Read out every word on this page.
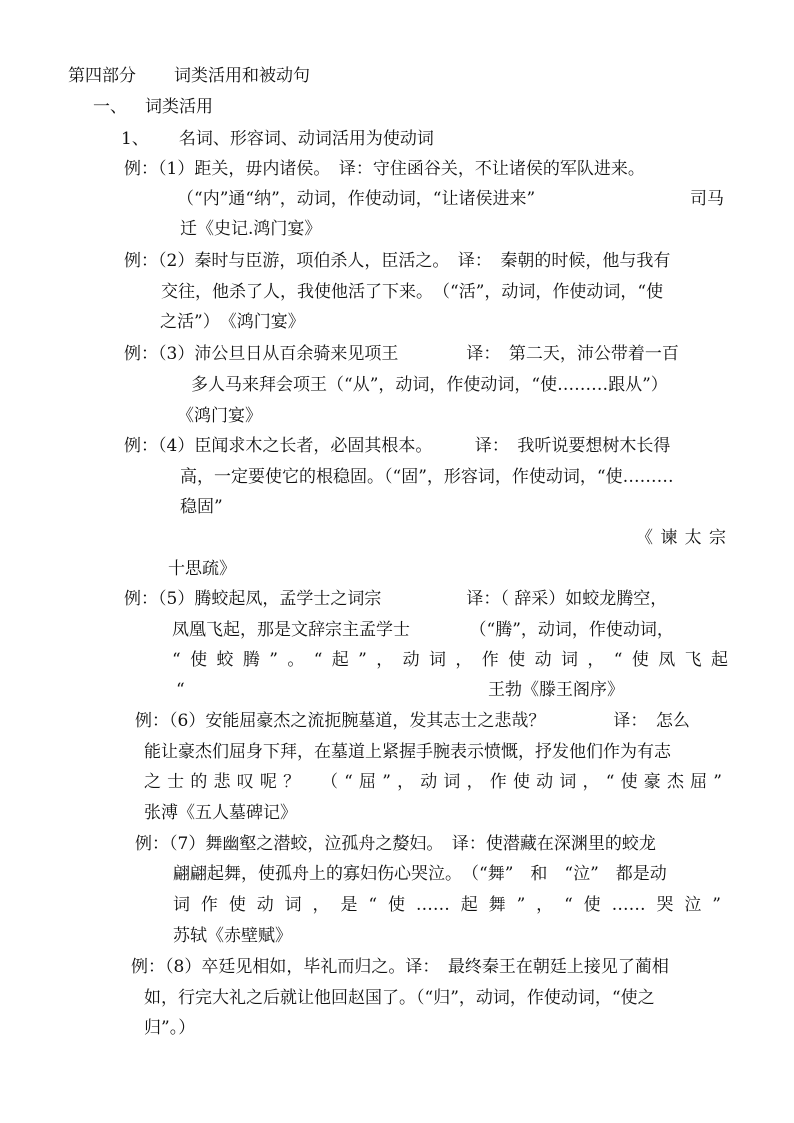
第四部分 词类活用和被动句
一、 词类活用
1、 名词、形容词、动词活用为使动词
例：（1）距关，毋内诸侯。　译：守住函谷关，不让诸侯的军队进来。
（“内”通“纳”，动词，作使动词，“让诸侯进来”	司马
迁《史记.鸿门宴》
例：（2）秦时与臣游，项伯杀人，臣活之。　译：　秦朝的时候，他与我有
交往，他杀了人，我使他活了下来。　（“活”，动词，作使动词，“使
之活”）　《鸿门宴》
例：（3）沛公旦日从百余骑来见项王　　　　译：　第二天，沛公带着一百
多人马来拜会项王（“从”，动词，作使动词，“使………跟从”）
《鸿门宴》
例：（4）臣闻求木之长者，必固其根本。　　　译：　我听说要想树木长得
高，一定要使它的根稳固。（“固”，形容词，作使动词，“使………
稳固”
《谏太宗
十思疏》
例：（5）腾蛟起凤，孟学士之词宗　　　　　译：（ 辞采）如蛟龙腾空，
凤凰飞起，那是文辞宗主孟学士　　　　（“腾”，动词，作使动词，
“使蛟腾”。“起”，动词，作使动词，“使凤飞起
“	王勃《滕王阁序》
例：（6）安能屈豪杰之流扼腕墓道，发其志士之悲哉？　　　　译：　怎么
能让豪杰们屈身下拜，在墓道上紧握手腕表示愤慨，抒发他们作为有志
之士的悲叹呢？　（“屈”，动词，作使动词，“使豪杰屈”
张溥《五人墓碑记》
例：（7）舞幽壑之潜蛟，泣孤舟之嫠妇。　译：使潜藏在深渊里的蛟龙
翩翩起舞，使孤舟上的寡妇伤心哭泣。　（“舞”　和　“泣”　都是动
词作使动词，是“使……起舞”，“使……哭泣”
苏轼《赤壁赋》
例：（8）卒廷见相如，毕礼而归之。译：　最终秦王在朝廷上接见了蔺相
如，行完大礼之后就让他回赵国了。（“归”，动词，作使动词，“使之
归”。）
